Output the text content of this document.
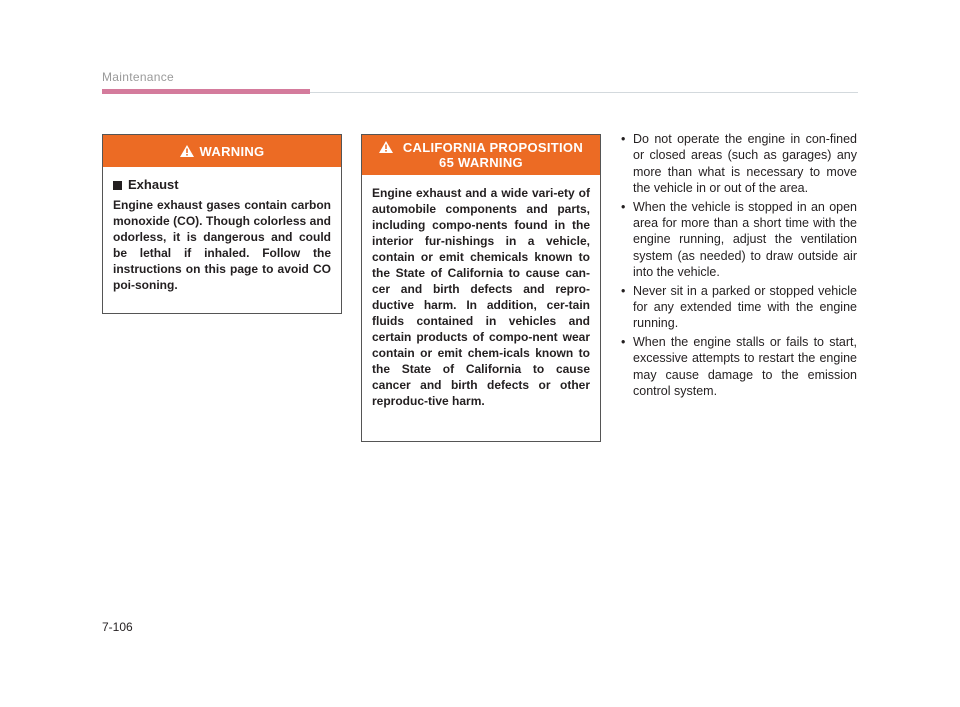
Maintenance
WARNING
Exhaust
Engine exhaust gases contain carbon monoxide (CO). Though colorless and odorless, it is dangerous and could be lethal if inhaled. Follow the instructions on this page to avoid CO poi-soning.
CALIFORNIA PROPOSITION
65 WARNING
Engine exhaust and a wide vari-ety of automobile components and parts, including compo-nents found in the interior fur-nishings in a vehicle, contain or emit chemicals known to the State of California to cause can-cer and birth defects and repro-ductive harm. In addition, cer-tain fluids contained in vehicles and certain products of compo-nent wear contain or emit chem-icals known to the State of California to cause cancer and birth defects or other reproduc-tive harm.
• Do not operate the engine in con-fined or closed areas (such as garages) any more than what is necessary to move the vehicle in or out of the area.
• When the vehicle is stopped in an open area for more than a short time with the engine running, adjust the ventilation system (as needed) to draw outside air into the vehicle.
• Never sit in a parked or stopped vehicle for any extended time with the engine running.
• When the engine stalls or fails to start, excessive attempts to restart the engine may cause damage to the emission control system.
7-106
